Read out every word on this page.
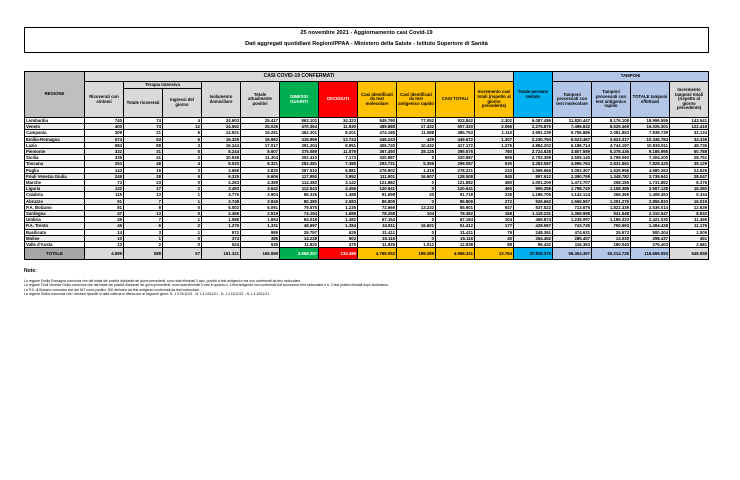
25 novembre 2021 - Aggiornamento casi Covid-19
Dati aggregati quotidiani Regioni/PPAA - Ministero della Salute - Istituto Superiore di Sanità
REGIONE	CASI COVID-19 CONFERMATI											Totale persone testate	TAMPONI			
	Ricoverati con sintomi	Terapia intensiva		Isolamento domiciliare	Totale attualmente positivi	DIMESSI GUARITI	DECEDUTI	Casi identificati da test molecolare	Casi identificati da test antigenico rapido	CASI TOTALI	Incremento casi totali (rispetto al giorno precedente)		Tamponi processati con test molecolare	Tamponi processati con test antigenico rapido	TOTALE tamponi effettuati	Incremento tamponi totali (rispetto al giorno precedente)
		Totale ricoverati	Ingressi del giorno													
Lombardia	740	74	4	24.603	25.417	863.102	34.323	845.790	77.052	922.842	2.302	6.087.486	11.820.447	8.176.108	19.996.555	143.541
Veneto	400	74	12	24.552	25.026	470.364	11.930	489.888	17.432	507.320	2.066	2.275.875	7.496.832	8.529.469	16.026.301	122.418
Campania	309	21	6	14.921	15.251	462.301	8.201	474.165	11.588	485.753	1.110	3.691.239	5.756.886	2.081.853	7.838.739	32.134
Emilia-Romagna	574	63	6	16.325	16.962	418.966	13.744	449.243	429	449.672	1.307	2.230.794	6.523.467	3.823.317	10.346.784	34.339
Lazio	684	89	3	16.244	17.017	391.204	8.951	406.740	10.432	417.172	1.276	4.884.202	6.186.714	4.744.197	10.930.911	48.736
Piemonte	332	31	5	8.244	8.607	375.089	11.879	367.450	28.125	395.575	780	2.724.628	3.807.559	5.378.436	9.185.995	60.788
Sicilia	335	41	2	10.928	11.304	302.410	7.173	320.887	0	320.887	655	2.702.399	3.505.140	3.799.060	7.304.200	28.751
Toscana	253	48	4	8.020	8.321	283.381	7.385	293.731	5.356	299.087	630	3.283.587	4.996.763	2.831.662	7.828.425	35.129
Puglia	143	19	3	3.668	3.830	267.510	6.881	276.902	1.319	278.221	233	1.568.666	3.053.307	1.626.956	4.680.263	23.525
Friuli Venezia Giulia	249	28	5	6.329	6.606	117.950	3.952	111.901	16.607	128.508	845	897.612	2.390.759	1.348.782	3.739.541	28.047
Marche	73	23	0	4.263	4.359	114.382	3.142	121.882	0	121.882	480	1.001.209	1.473.707	258.155	1.731.862	6.376
Liguria	132	17	2	3.493	3.642	112.543	4.456	120.641	0	120.641	460	955.256	1.798.740	1.158.388	2.957.128	16.380
Calabria	115	13	1	3.776	3.904	86.326	1.488	91.698	20	91.718	226	1.186.705	1.142.124	266.369	1.408.493	5.334
Abruzzo	91	7	1	3.748	3.846	80.380	2.583	86.809	0	86.809	272	926.662	1.565.557	1.291.276	2.856.833	16.019
P.A. Bolzano	81	8	0	5.002	5.091	79.575	1.235	72.669	13.232	85.901	547	537.522	713.675	1.822.339	2.536.014	12.639
Sardegna	47	13	0	2.459	2.519	74.154	1.689	78.258	104	78.362	168	1.118.231	1.368.998	941.548	2.310.547	8.832
Umbria	49	7	1	1.598	1.654	64.018	1.482	67.154	0	67.154	104	469.874	1.235.097	1.185.333	2.421.030	11.495
P.A. Trento	46	6	2	1.279	1.331	48.697	1.384	34.811	16.601	51.412	177	428.987	743.735	750.693	1.494.428	11.176
Basilicata	14	3	1	972	989	29.797	629	31.411	0	31.411	79	248.391	474.631	25.673	500.304	1.009
Molise	10	1	0	374	385	14.228	503	15.116	0	15.116	40	264.452	285.407	13.030	298.437	451
Valle d'Aosta	13	2	0	524	539	11.920	479	11.926	1.012	12.938	88	96.432	116.363	160.040	276.403	2.681
TOTALE	4.689	588	57	161.321	166.598	4.668.257	133.486	4.769.052	199.289	4.968.341	13.764	37.818.375	66.454.367	50.214.726	116.669.093	649.958
Note:
La regione Emilia Romagna comunica che dal totale dei positivi dichiarati nei giorni precedenti, sono stati eliminati 3 casi, positivi a test antigenico ma non confermati da test molecolare.
La regione Friuli Venezia Giulia comunica che dal totale dei positivi dichiarati nei giorni precedenti, sono stati eliminati 5 casi in quanto n. 3 test antigenici non confermati dal successivo test molecolare e n. 2 test positivi ritestati dopo isolamento.
La P.A. di Bolzano comunica che dei 547 nuovi positivi, 300 derivano da test antigenici confermati da test molecolare.
La regione Sicilia comunica che i decessi riportati in data odierna si riferiscono ai seguenti giorni: N. 1 il 23/11/21 - N. 1 il 14/11/21 - N. 1 il 13/11/21 - N. 1 il 10/11/21
